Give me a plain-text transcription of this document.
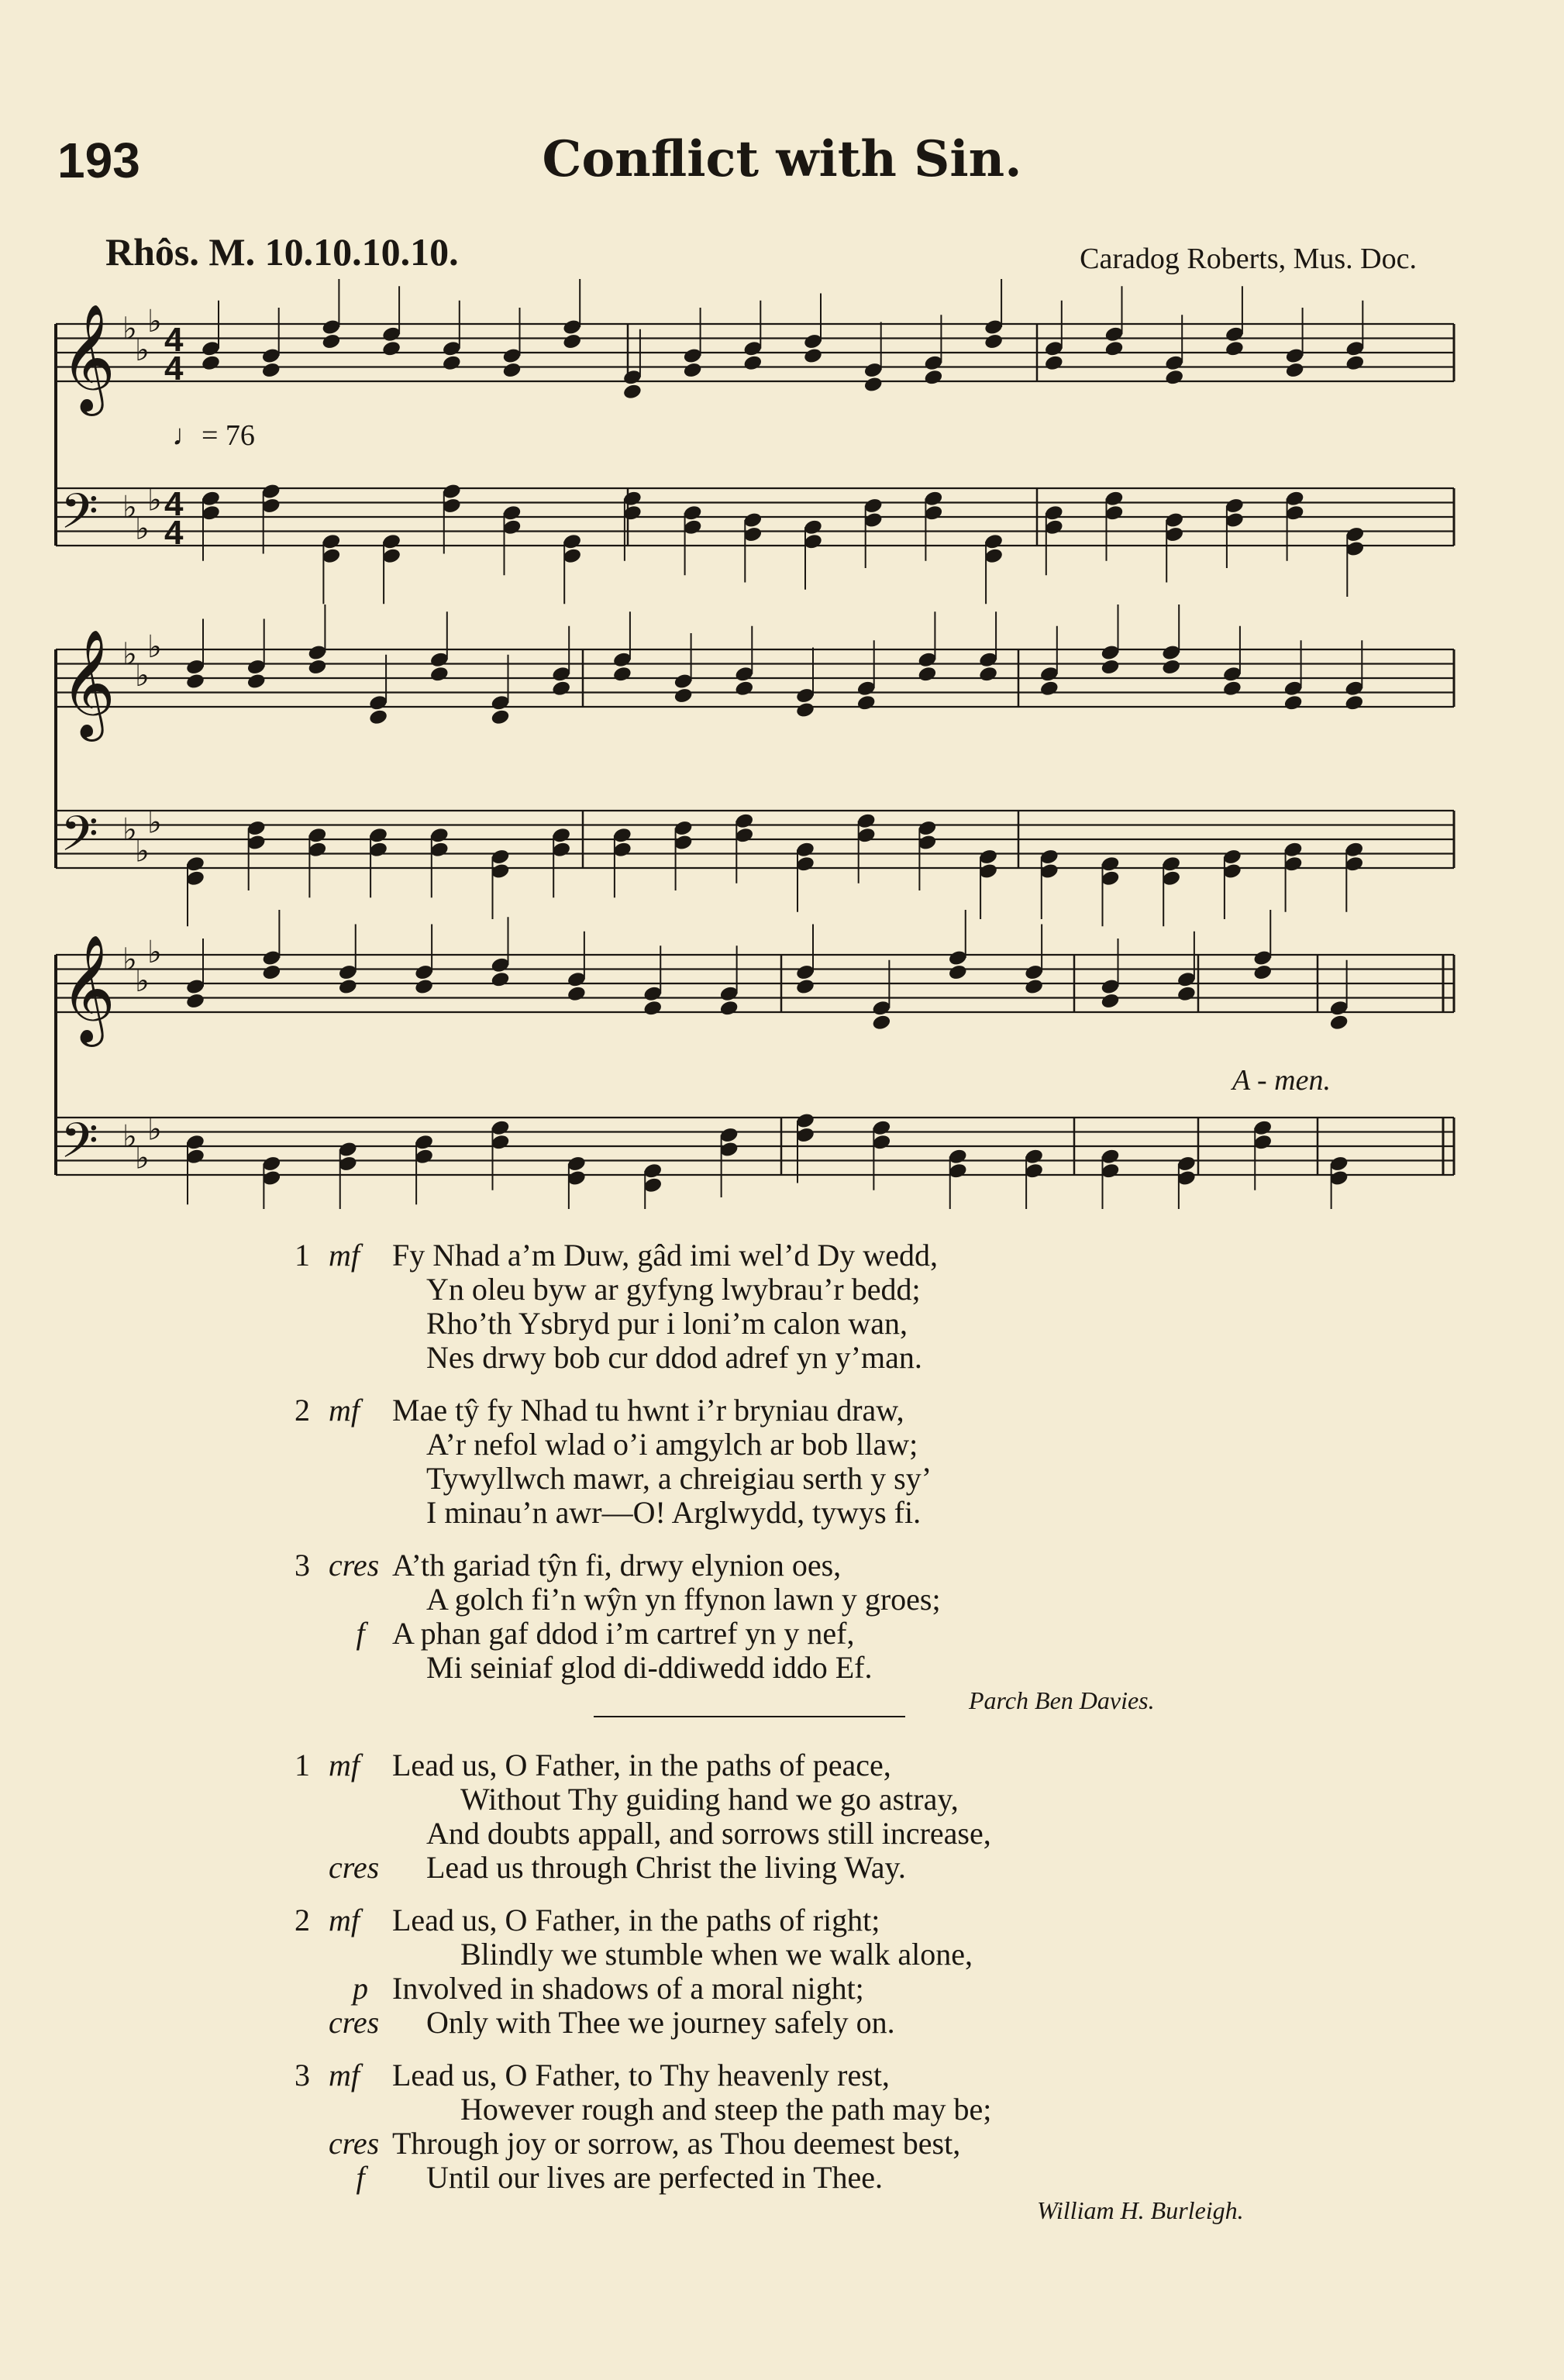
𝄞 ♭
♭
♭ 4
4
𝄢 ♭
♭
♭ 4
4
𝄞 ♭
♭
♭
𝄢 ♭
♭
♭
𝄞 ♭
♭
♭
𝄢 ♭
♭
♭
193	Conflict with Sin.
Rhôs. M. 10.10.10.10.	Caradog Roberts, Mus. Doc.
♩= 76
A - men.
1 mf Fy Nhad a’m Duw, gâd imi wel’d Dy wedd,
Yn oleu byw ar gyfyng lwybrau’r bedd;
Rho’th Ysbryd pur i loni’m calon wan,
Nes drwy bob cur ddod adref yn y’man.
2 mf Mae tŷ fy Nhad tu hwnt i’r bryniau draw,
A’r nefol wlad o’i amgylch ar bob llaw;
Tywyllwch mawr, a chreigiau serth y sy’
I minau’n awr—O! Arglwydd, tywys fi.
3 cres A’th gariad tŷn fi, drwy elynion oes,
A golch fi’n wŷn yn ffynon lawn y groes;
f A phan gaf ddod i’m cartref yn y nef,
Mi seiniaf glod di-ddiwedd iddo Ef.
Parch Ben Davies.
1 mf Lead us, O Father, in the paths of peace,
Without Thy guiding hand we go astray,
And doubts appall, and sorrows still increase,
cres Lead us through Christ the living Way.
2 mf Lead us, O Father, in the paths of right;
Blindly we stumble when we walk alone,
p Involved in shadows of a moral night;
cres Only with Thee we journey safely on.
3 mf Lead us, O Father, to Thy heavenly rest,
However rough and steep the path may be;
cres Through joy or sorrow, as Thou deemest best,
f Until our lives are perfected in Thee.
William H. Burleigh.
